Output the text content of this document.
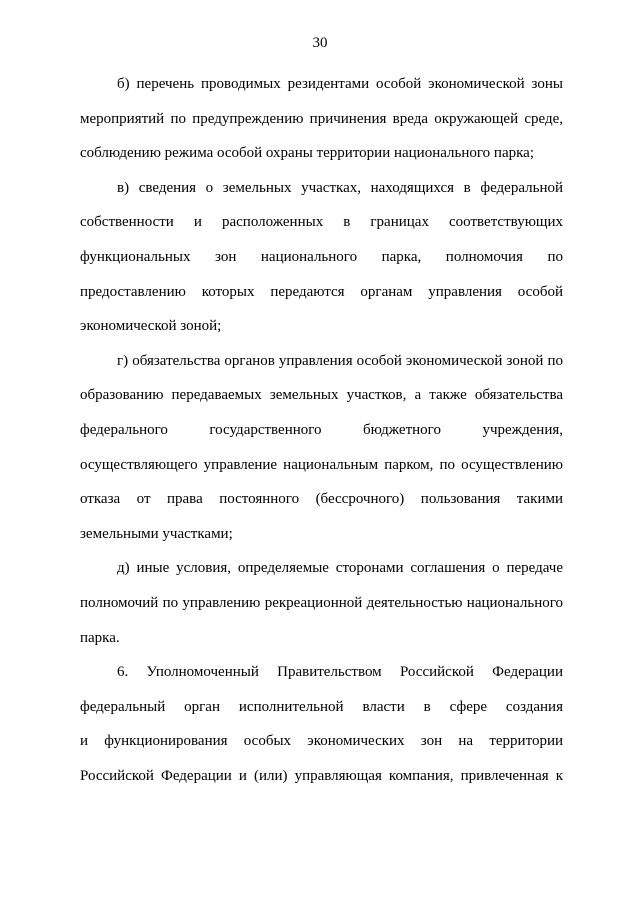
30
б) перечень проводимых резидентами особой экономической зоны
мероприятий по предупреждению причинения вреда окружающей среде,
соблюдению режима особой охраны территории национального парка;
в) сведения о земельных участках, находящихся в федеральной
собственности и расположенных в границах соответствующих
функциональных зон национального парка, полномочия по
предоставлению которых передаются органам управления особой
экономической зоной;
г) обязательства органов управления особой экономической зоной по
образованию передаваемых земельных участков, а также обязательства
федерального государственного бюджетного учреждения,
осуществляющего управление национальным парком, по осуществлению
отказа от права постоянного (бессрочного) пользования такими
земельными участками;
д) иные условия, определяемые сторонами соглашения о передаче
полномочий по управлению рекреационной деятельностью национального
парка.
6. Уполномоченный Правительством Российской Федерации
федеральный орган исполнительной власти в сфере создания
и функционирования особых экономических зон на территории
Российской Федерации и (или) управляющая компания, привлеченная к
